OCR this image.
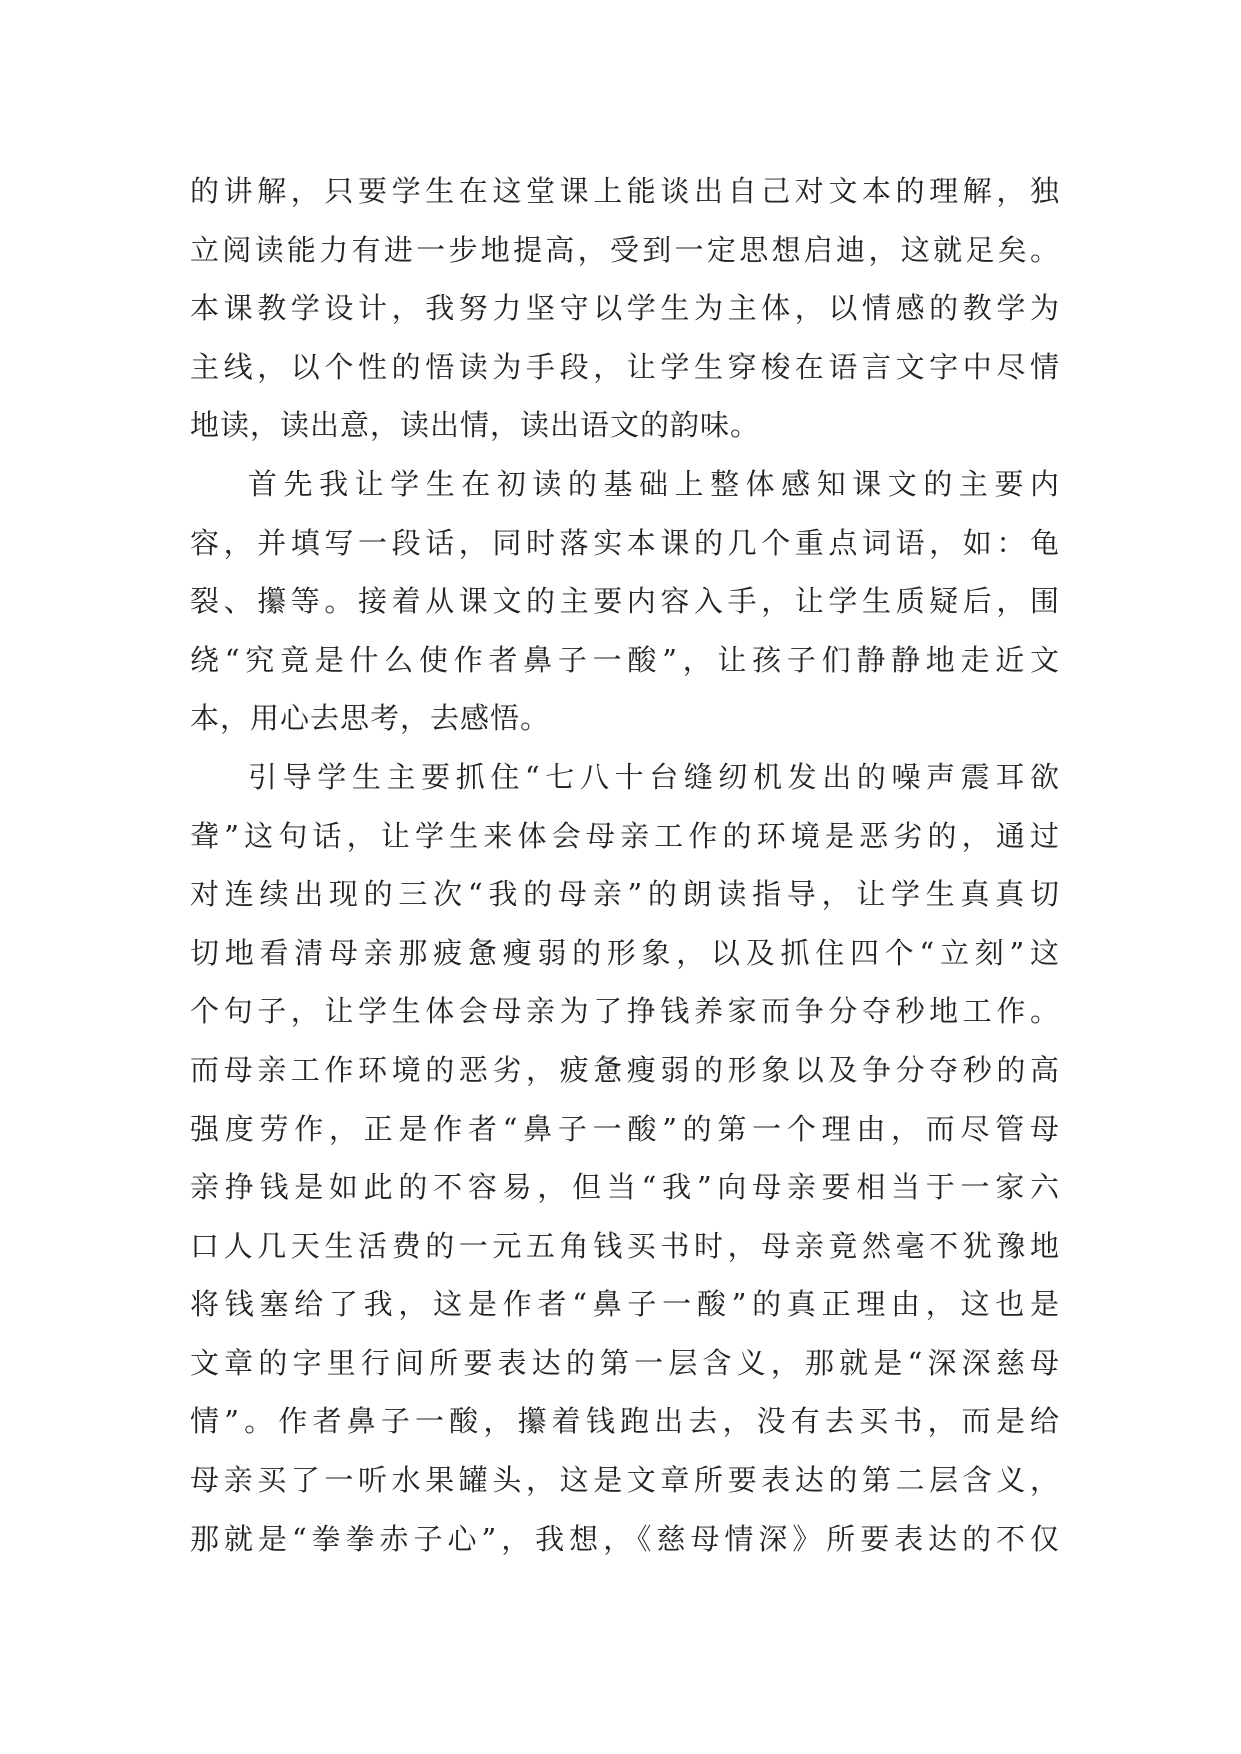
的讲解，只要学生在这堂课上能谈出自己对文本的理解，独
立阅读能力有进一步地提高，受到一定思想启迪，这就足矣。
本课教学设计，我努力坚守以学生为主体，以情感的教学为
主线，以个性的悟读为手段，让学生穿梭在语言文字中尽情
地读，读出意，读出情，读出语文的韵味。
首先我让学生在初读的基础上整体感知课文的主要内
容，并填写一段话，同时落实本课的几个重点词语，如：龟
裂、攥等。接着从课文的主要内容入手，让学生质疑后，围
绕“究竟是什么使作者鼻子一酸”，让孩子们静静地走近文
本，用心去思考，去感悟。
引导学生主要抓住“七八十台缝纫机发出的噪声震耳欲
聋”这句话，让学生来体会母亲工作的环境是恶劣的，通过
对连续出现的三次“我的母亲”的朗读指导，让学生真真切
切地看清母亲那疲惫瘦弱的形象，以及抓住四个“立刻”这
个句子，让学生体会母亲为了挣钱养家而争分夺秒地工作。
而母亲工作环境的恶劣，疲惫瘦弱的形象以及争分夺秒的高
强度劳作，正是作者“鼻子一酸”的第一个理由，而尽管母
亲挣钱是如此的不容易，但当“我”向母亲要相当于一家六
口人几天生活费的一元五角钱买书时，母亲竟然毫不犹豫地
将钱塞给了我，这是作者“鼻子一酸”的真正理由，这也是
文章的字里行间所要表达的第一层含义，那就是“深深慈母
情”。作者鼻子一酸，攥着钱跑出去，没有去买书，而是给
母亲买了一听水果罐头，这是文章所要表达的第二层含义，
那就是“拳拳赤子心”，我想，《慈母情深》所要表达的不仅
